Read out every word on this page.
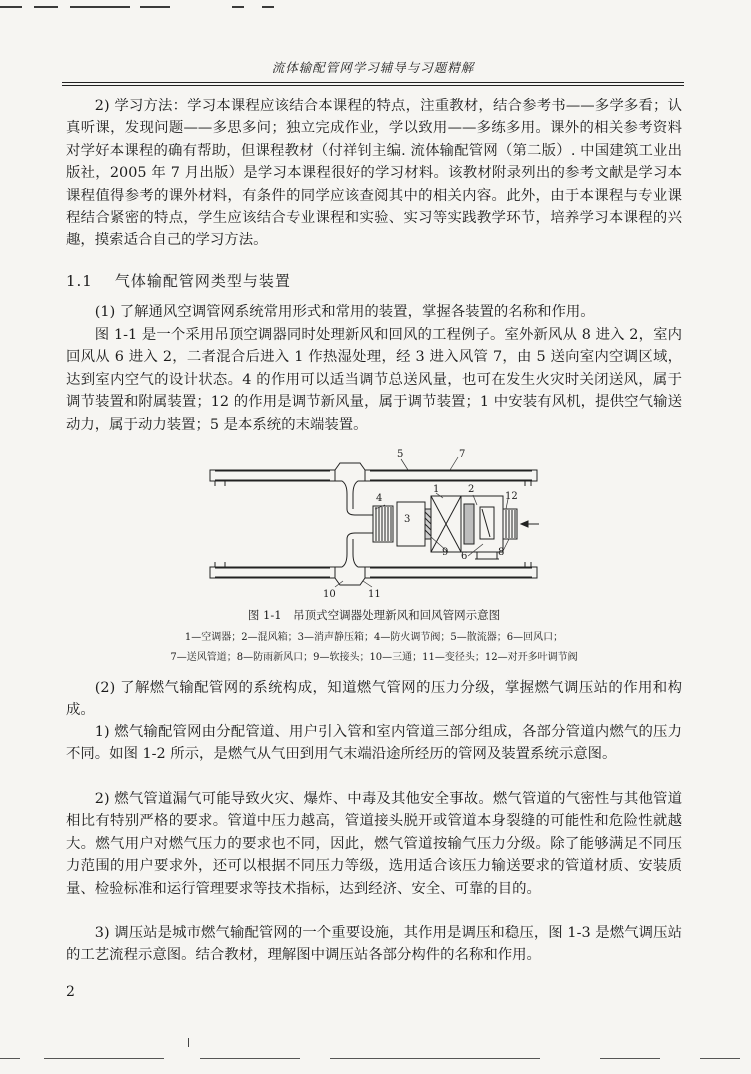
流体输配管网学习辅导与习题精解

2) 学习方法：学习本课程应该结合本课程的特点，注重教材，结合参考书——多学多看；认真听课，发现问题——多思多问；独立完成作业，学以致用——多练多用。课外的相关参考资料对学好本课程的确有帮助，但课程教材（付祥钊主编. 流体输配管网（第二版）. 中国建筑工业出版社，2005 年 7 月出版）是学习本课程很好的学习材料。该教材附录列出的参考文献是学习本课程值得参考的课外材料，有条件的同学应该查阅其中的相关内容。此外，由于本课程与专业课程结合紧密的特点，学生应该结合专业课程和实验、实习等实践教学环节，培养学习本课程的兴趣，摸索适合自己的学习方法。

1.1 气体输配管网类型与装置

(1) 了解通风空调管网系统常用形式和常用的装置，掌握各装置的名称和作用。

图 1-1 是一个采用吊顶空调器同时处理新风和回风的工程例子。室外新风从 8 进入 2，室内回风从 6 进入 2，二者混合后进入 1 作热湿处理，经 3 进入风管 7，由 5 送向室内空调区域，达到室内空气的设计状态。4 的作用可以适当调节总送风量，也可在发生火灾时关闭送风，属于调节装置和附属装置；12 的作用是调节新风量，属于调节装置；1 中安装有风机，提供空气输送动力，属于动力装置；5 是本系统的末端装置。

5	7
1	2
12
4
3
9 6	8
10	11
图 1-1　吊顶式空调器处理新风和回风管网示意图
1—空调器；2—混风箱；3—消声静压箱；4—防火调节阀；5—散流器；6—回风口；
7—送风管道；8—防雨新风口；9—软接头；10—三通；11—变径头；12—对开多叶调节阀

(2) 了解燃气输配管网的系统构成，知道燃气管网的压力分级，掌握燃气调压站的作用和构成。

1) 燃气输配管网由分配管道、用户引入管和室内管道三部分组成，各部分管道内燃气的压力不同。如图 1-2 所示，是燃气从气田到用气末端沿途所经历的管网及装置系统示意图。

2) 燃气管道漏气可能导致火灾、爆炸、中毒及其他安全事故。燃气管道的气密性与其他管道相比有特别严格的要求。管道中压力越高，管道接头脱开或管道本身裂缝的可能性和危险性就越大。燃气用户对燃气压力的要求也不同，因此，燃气管道按输气压力分级。除了能够满足不同压力范围的用户要求外，还可以根据不同压力等级，选用适合该压力输送要求的管道材质、安装质量、检验标准和运行管理要求等技术指标，达到经济、安全、可靠的目的。

3) 调压站是城市燃气输配管网的一个重要设施，其作用是调压和稳压，图 1-3 是燃气调压站的工艺流程示意图。结合教材，理解图中调压站各部分构件的名称和作用。

2
